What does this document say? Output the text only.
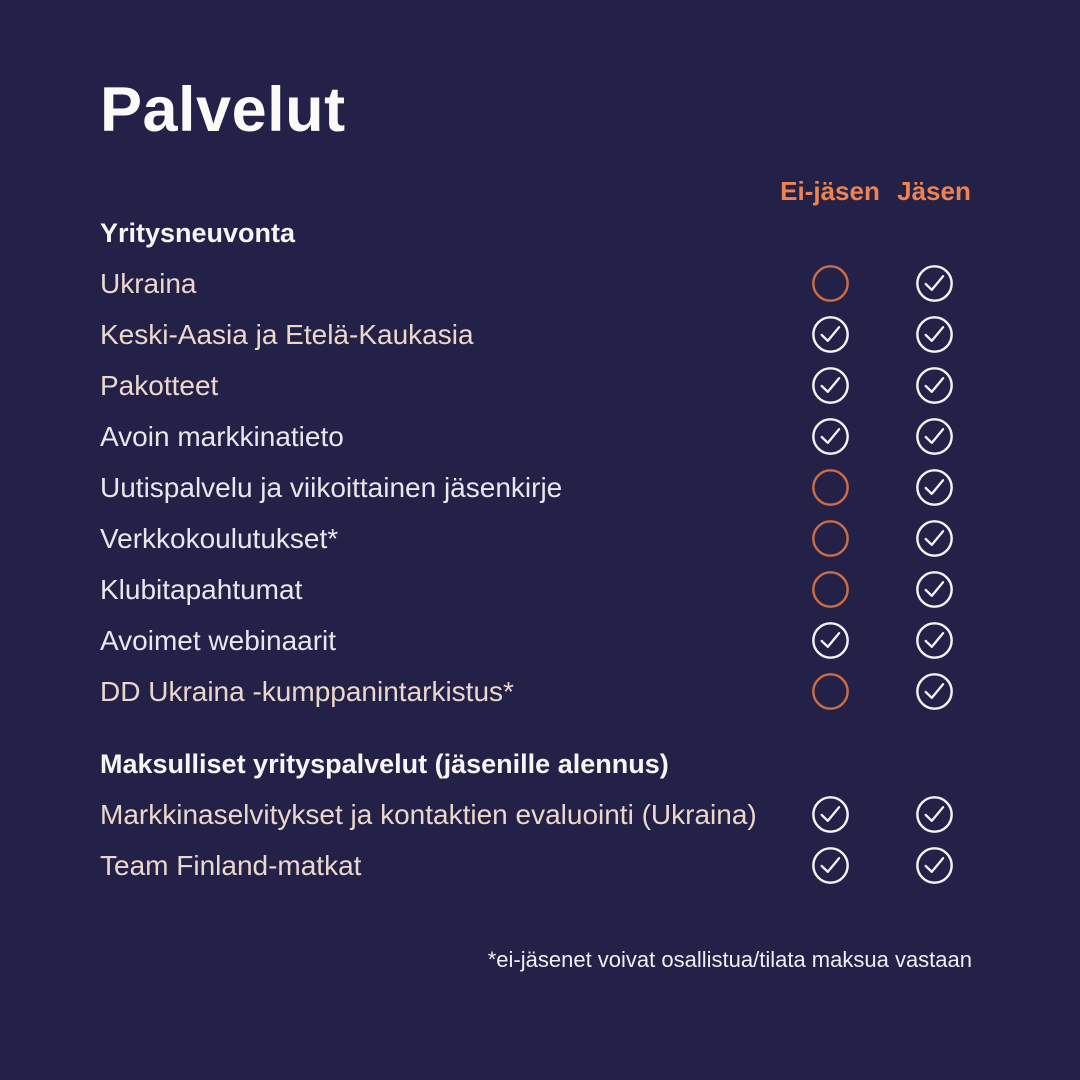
Palvelut
Ei-jäsen Jäsen
Yritysneuvonta
Ukraina
Keski-Aasia ja Etelä-Kaukasia
Pakotteet
Avoin markkinatieto
Uutispalvelu ja viikoittainen jäsenkirje
Verkkokoulutukset*
Klubitapahtumat
Avoimet webinaarit
DD Ukraina -kumppanintarkistus*
Maksulliset yrityspalvelut (jäsenille alennus)
Markkinaselvitykset ja kontaktien evaluointi (Ukraina)
Team Finland-matkat
*ei-jäsenet voivat osallistua/tilata maksua vastaan
